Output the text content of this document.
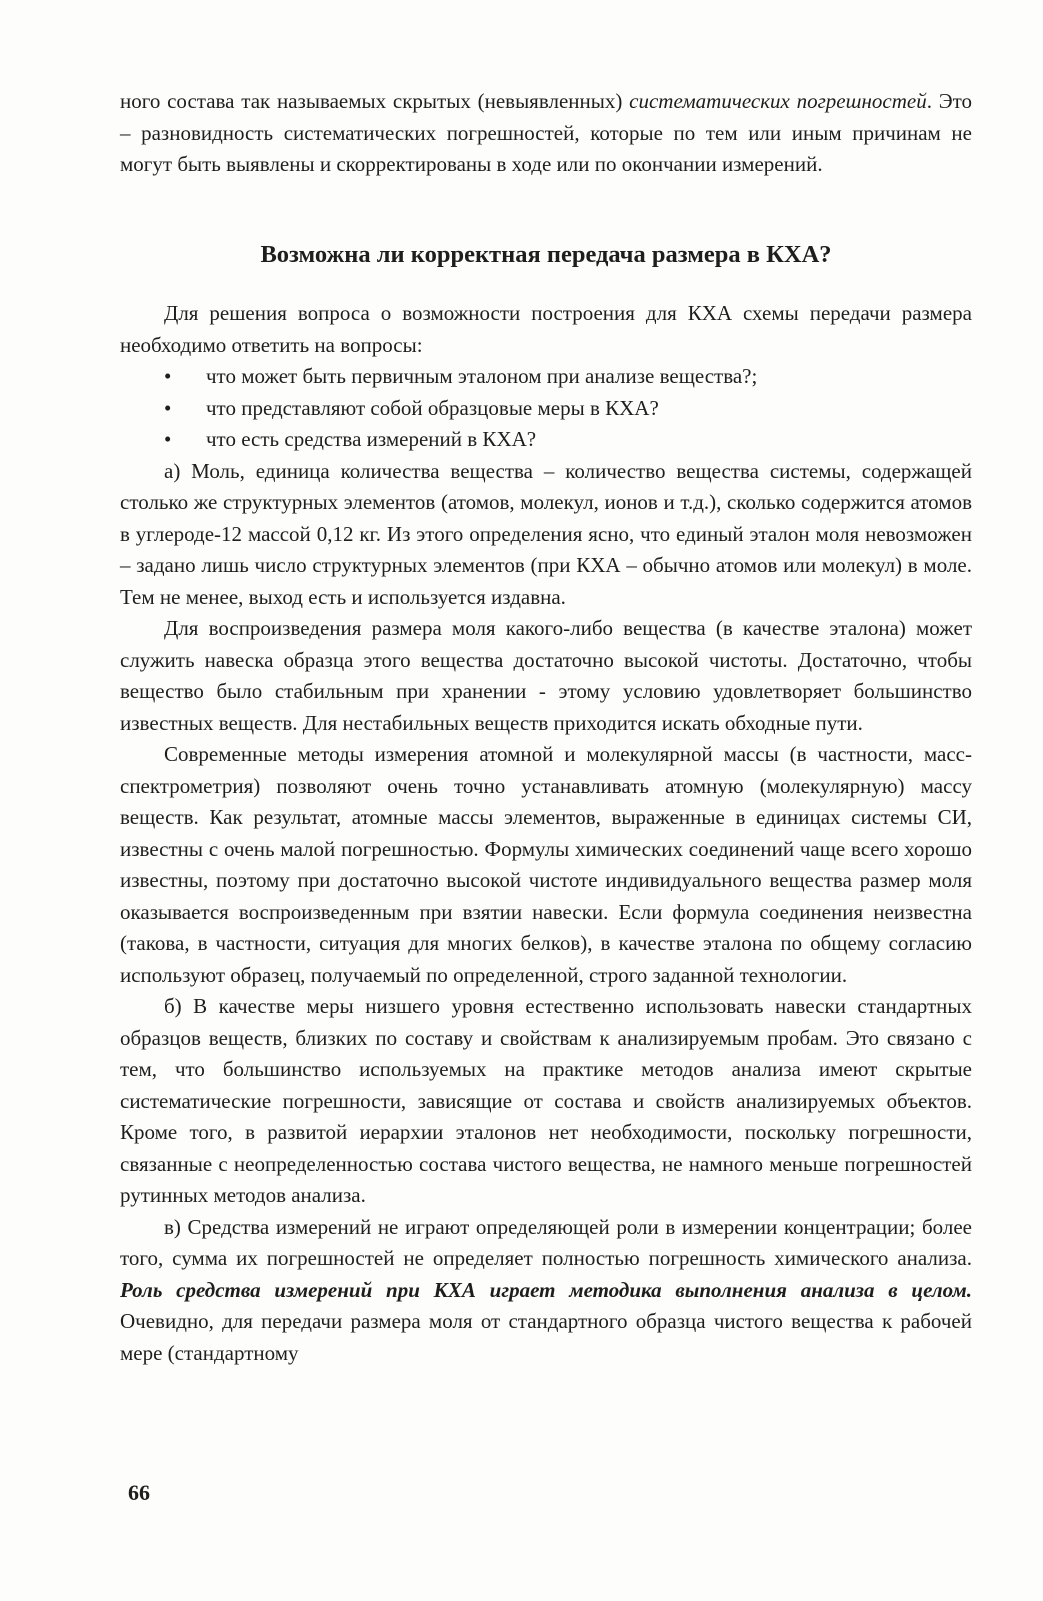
ного состава так называемых скрытых (невыявленных) систематических погрешностей. Это – разновидность систематических погрешностей, которые по тем или иным причинам не могут быть выявлены и скорректированы в ходе или по окончании измерений.

Возможна ли корректная передача размера в КХА?

Для решения вопроса о возможности построения для КХА схемы передачи размера необходимо ответить на вопросы:

• что может быть первичным эталоном при анализе вещества?;
• что представляют собой образцовые меры в КХА?
• что есть средства измерений в КХА?

а) Моль, единица количества вещества – количество вещества системы, содержащей столько же структурных элементов (атомов, молекул, ионов и т.д.), сколько содержится атомов в углероде-12 массой 0,12 кг. Из этого определения ясно, что единый эталон моля невозможен – задано лишь число структурных элементов (при КХА – обычно атомов или молекул) в моле. Тем не менее, выход есть и используется издавна.

Для воспроизведения размера моля какого-либо вещества (в качестве эталона) может служить навеска образца этого вещества достаточно высокой чистоты. Достаточно, чтобы вещество было стабильным при хранении - этому условию удовлетворяет большинство известных веществ. Для нестабильных веществ приходится искать обходные пути.

Современные методы измерения атомной и молекулярной массы (в частности, масс-спектрометрия) позволяют очень точно устанавливать атомную (молекулярную) массу веществ. Как результат, атомные массы элементов, выраженные в единицах системы СИ, известны с очень малой погрешностью. Формулы химических соединений чаще всего хорошо известны, поэтому при достаточно высокой чистоте индивидуального вещества размер моля оказывается воспроизведенным при взятии навески. Если формула соединения неизвестна (такова, в частности, ситуация для многих белков), в качестве эталона по общему согласию используют образец, получаемый по определенной, строго заданной технологии.

б) В качестве меры низшего уровня естественно использовать навески стандартных образцов веществ, близких по составу и свойствам к анализируемым пробам. Это связано с тем, что большинство используемых на практике методов анализа имеют скрытые систематические погрешности, зависящие от состава и свойств анализируемых объектов. Кроме того, в развитой иерархии эталонов нет необходимости, поскольку погрешности, связанные с неопределенностью состава чистого вещества, не намного меньше погрешностей рутинных методов анализа.

в) Средства измерений не играют определяющей роли в измерении концентрации; более того, сумма их погрешностей не определяет полностью погрешность химического анализа. Роль средства измерений при КХА играет методика выполнения анализа в целом. Очевидно, для передачи размера моля от стандартного образца чистого вещества к рабочей мере (стандартному

66
